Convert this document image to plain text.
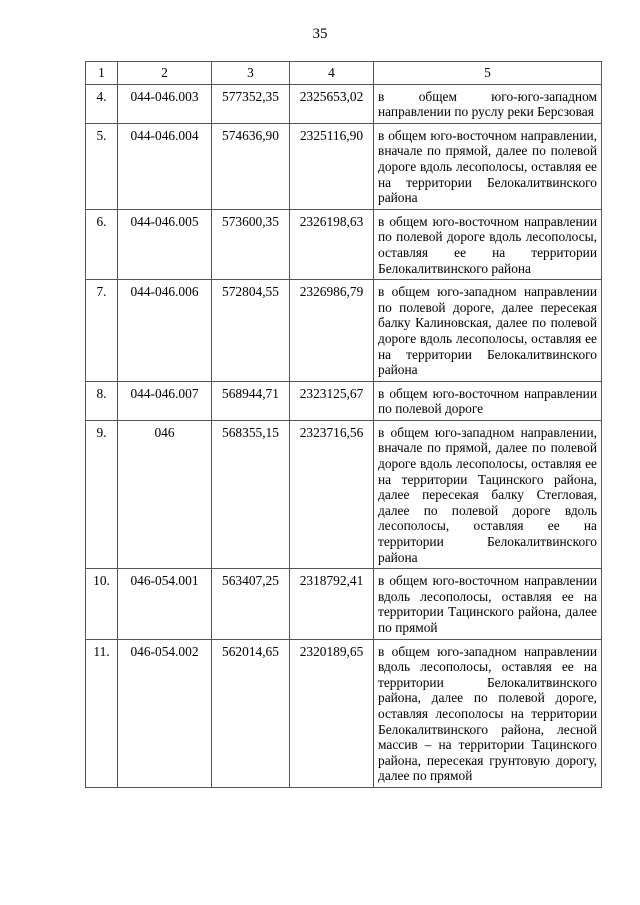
35
1	2	3	4	5
4.	044-046.003	577352,35	2325653,02	в общем юго-юго-западном направлении по руслу реки Берсзовая
5.	044-046.004	574636,90	2325116,90	в общем юго-восточном направлении, вначале по прямой, далее по полевой дороге вдоль лесополосы, оставляя ее на территории Белокалитвинского района
6.	044-046.005	573600,35	2326198,63	в общем юго-восточном направлении по полевой дороге вдоль лесополосы, оставляя ее на территории Белокалитвинского района
7.	044-046.006	572804,55	2326986,79	в общем юго-западном направлении по полевой дороге, далее пересекая балку Калиновская, далее по полевой дороге вдоль лесополосы, оставляя ее на территории Белокалитвинского района
8.	044-046.007	568944,71	2323125,67	в общем юго-восточном направлении по полевой дороге
9.	046	568355,15	2323716,56	в общем юго-западном направлении, вначале по прямой, далее по полевой дороге вдоль лесополосы, оставляя ее на территории Тацинского района, далее пересекая балку Стегловая, далее по полевой дороге вдоль лесополосы, оставляя ее на территории Белокалитвинского района
10.	046-054.001	563407,25	2318792,41	в общем юго-восточном направлении вдоль лесополосы, оставляя ее на территории Тацинского района, далее по прямой
11.	046-054.002	562014,65	2320189,65	в общем юго-западном направлении вдоль лесополосы, оставляя ее на территории Белокалитвинского района, далее по полевой дороге, оставляя лесополосы на территории Белокалитвинского района, лесной массив – на территории Тацинского района, пересекая грунтовую дорогу, далее по прямой
